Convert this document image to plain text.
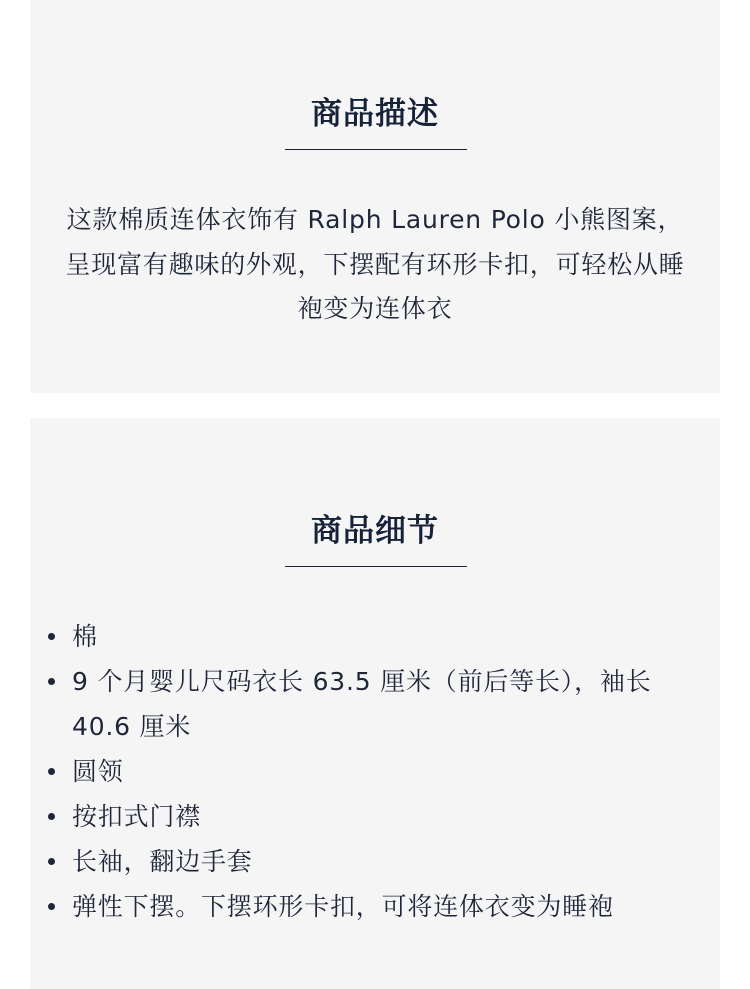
商品描述

这款棉质连体衣饰有 Ralph Lauren Polo 小熊图案，呈现富有趣味的外观，下摆配有环形卡扣，可轻松从睡袍变为连体衣

商品细节
棉
9 个月婴儿尺码衣长 63.5 厘米（前后等长），袖长 40.6 厘米
圆领
按扣式门襟
长袖，翻边手套
弹性下摆。下摆环形卡扣，可将连体衣变为睡袍
